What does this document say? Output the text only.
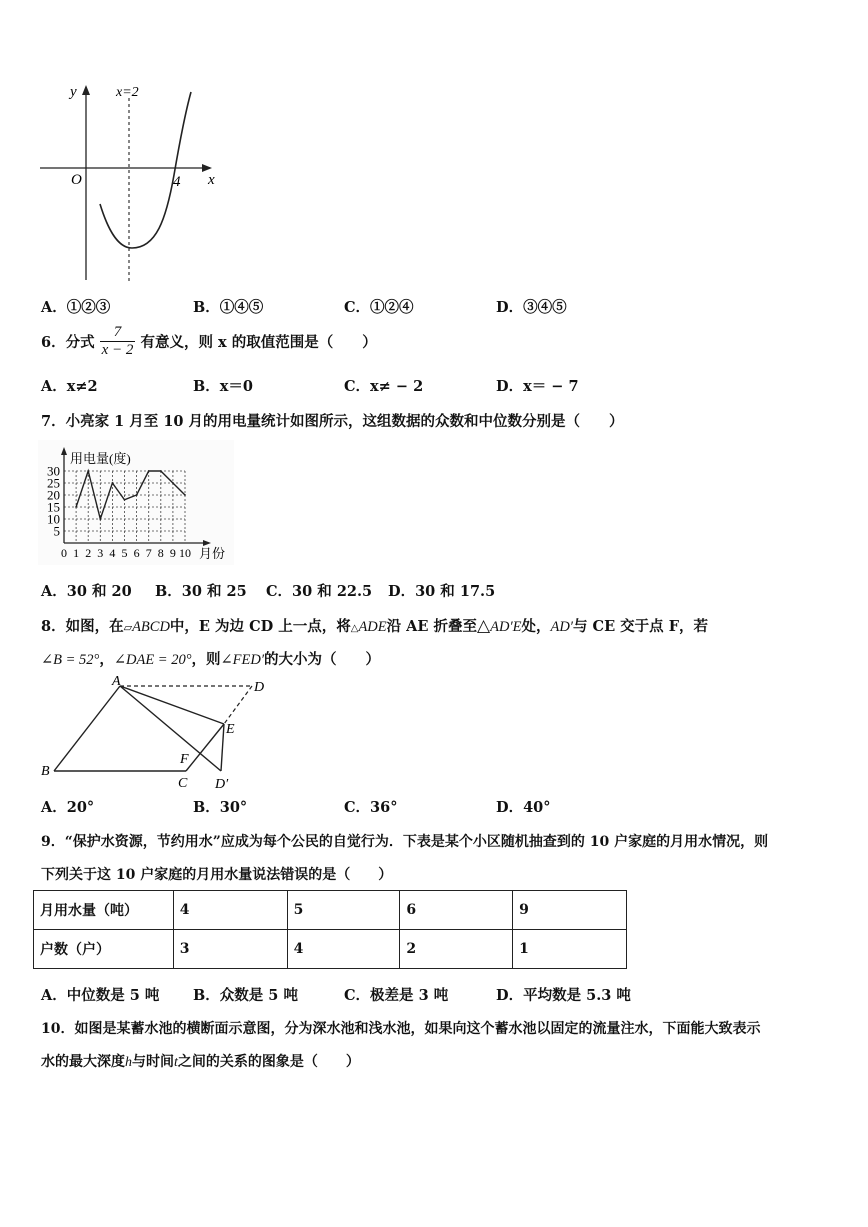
y	x=2
O	4 x
A．①②③	B．①④⑤	C．①②④	D．③④⑤
6．分式 $\frac{7}{x - 2}$ 有意义，则 x 的取值范围是（　　）
A．x≠2	B．x＝0	C．x≠ − 2	D．x＝ − 7
7．小亮家 1 月至 10 月的用电量统计如图所示，这组数据的众数和中位数分别是（　　）
5
10
15
20
25
30
0 1 2 3 4 5 6 7 8 9 10
用电量(度)
月份
A．30 和 20 B．30 和 25 C．30 和 22.5 D．30 和 17.5
8．如图，在▱ABCD中，E 为边 CD 上一点，将△ADE沿 AE 折叠至△AD′E处，AD′与 CE 交于点 F，若
∠B = 52°，∠DAE = 20°，则∠FED′的大小为（　　）
A	D
E
F
B
C D′
A．20°	B．30°	C．36°	D．40°
9．“保护水资源，节约用水”应成为每个公民的自觉行为．下表是某个小区随机抽查到的 10 户家庭的月用水情况，则
下列关于这 10 户家庭的月用水量说法错误的是（　　）
月用水量（吨）	4	5	6	9
户数（户）	3	4	2	1
A．中位数是 5 吨 B．众数是 5 吨	C．极差是 3 吨	D．平均数是 5.3 吨
10．如图是某蓄水池的横断面示意图，分为深水池和浅水池，如果向这个蓄水池以固定的流量注水，下面能大致表示
水的最大深度h与时间t之间的关系的图象是（　　）
